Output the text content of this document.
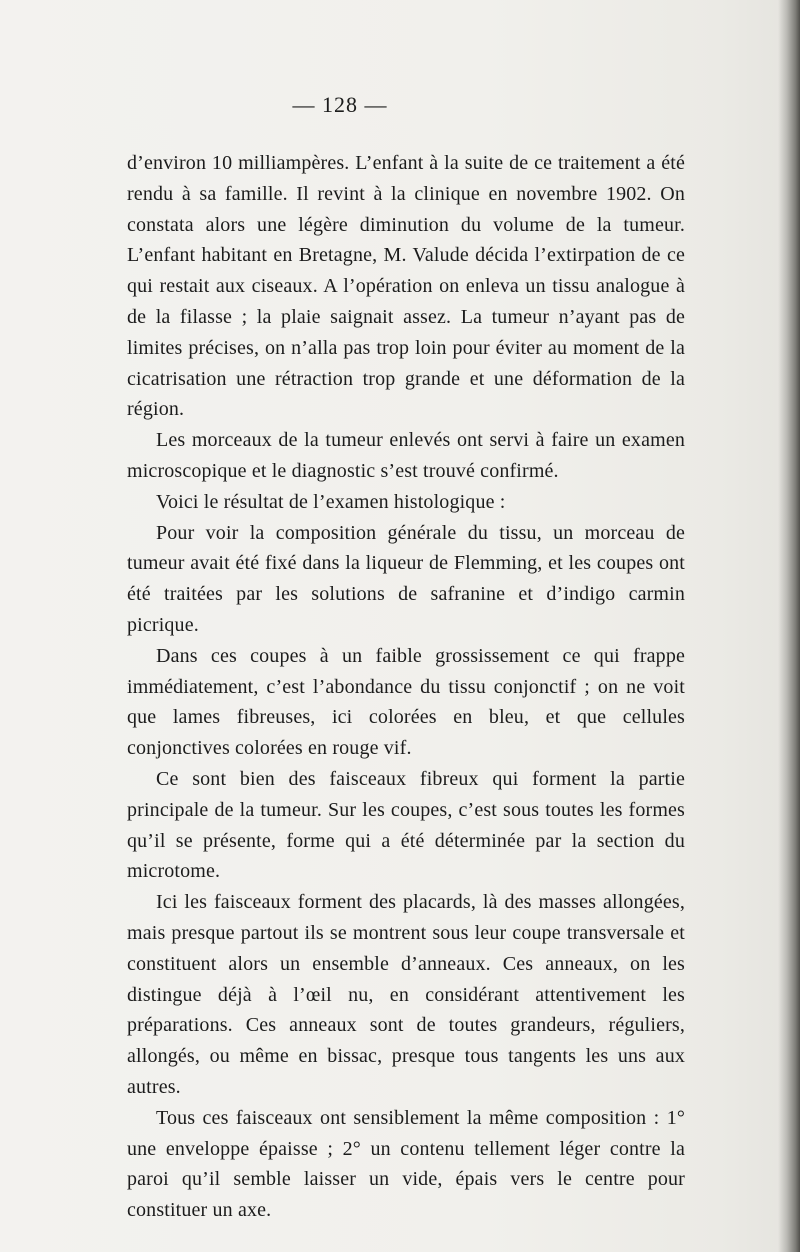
— 128 —

d’environ 10 milliampères. L’enfant à la suite de ce traitement a été rendu à sa famille. Il revint à la clinique en novembre 1902. On constata alors une légère diminution du volume de la tumeur. L’enfant habitant en Bretagne, M. Valude décida l’extirpation de ce qui restait aux ciseaux. A l’opération on enleva un tissu analogue à de la filasse ; la plaie saignait assez. La tumeur n’ayant pas de limites précises, on n’alla pas trop loin pour éviter au moment de la cicatrisation une rétraction trop grande et une déformation de la région.

Les morceaux de la tumeur enlevés ont servi à faire un examen microscopique et le diagnostic s’est trouvé confirmé.

Voici le résultat de l’examen histologique :

Pour voir la composition générale du tissu, un morceau de tumeur avait été fixé dans la liqueur de Flemming, et les coupes ont été traitées par les solutions de safranine et d’indigo carmin picrique.

Dans ces coupes à un faible grossissement ce qui frappe immédiatement, c’est l’abondance du tissu conjonctif ; on ne voit que lames fibreuses, ici colorées en bleu, et que cellules conjonctives colorées en rouge vif.

Ce sont bien des faisceaux fibreux qui forment la partie principale de la tumeur. Sur les coupes, c’est sous toutes les formes qu’il se présente, forme qui a été déterminée par la section du microtome.

Ici les faisceaux forment des placards, là des masses allongées, mais presque partout ils se montrent sous leur coupe transversale et constituent alors un ensemble d’anneaux. Ces anneaux, on les distingue déjà à l’œil nu, en considérant attentivement les préparations. Ces anneaux sont de toutes grandeurs, réguliers, allongés, ou même en bissac, presque tous tangents les uns aux autres.

Tous ces faisceaux ont sensiblement la même composition : 1° une enveloppe épaisse ; 2° un contenu tellement léger contre la paroi qu’il semble laisser un vide, épais vers le centre pour constituer un axe.
